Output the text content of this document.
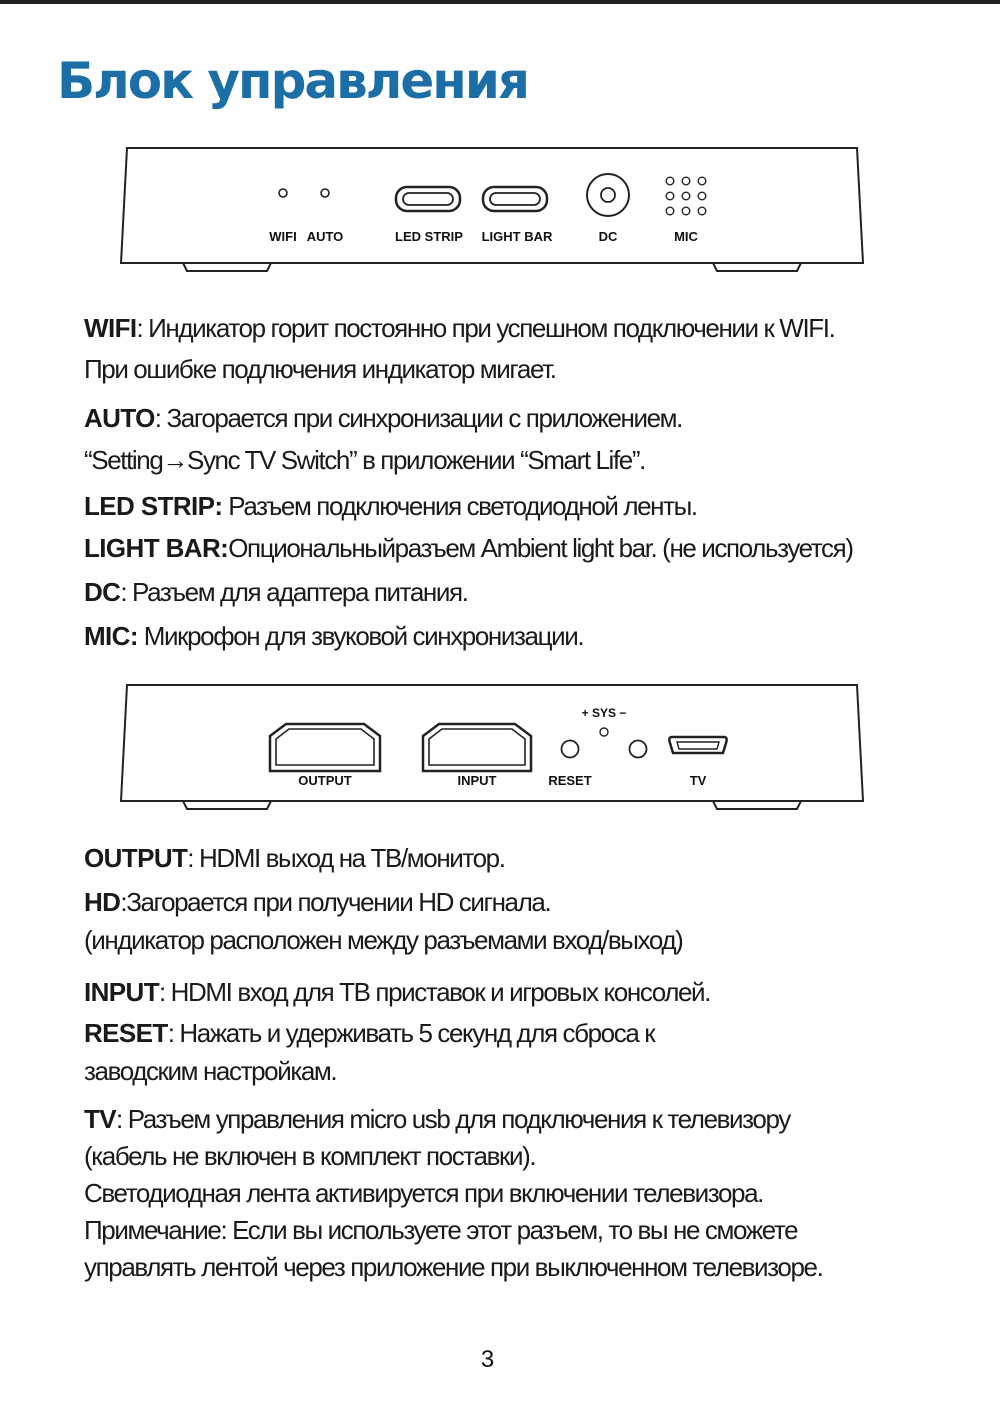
Блок управления
WIFI AUTO	LED STRIP LIGHT BAR	DC	MIC

WIFI: Индикатор горит постоянно при успешном подключении к WIFI.

При ошибке подлючения индикатор мигает.

AUTO: Загорается при синхронизации с приложением.

“Setting→Sync TV Switch” в приложении “Smart Life”.

LED STRIP: Разъем подключения светодиодной ленты.

LIGHT BAR:Опциональныйразъем Ambient light bar. (не используется)

DC: Разъем для адаптера питания.

MIC: Микрофон для звуковой синхронизации.

+ SYS −
OUTPUT	INPUT	RESET	TV

OUTPUT: HDMI выход на ТВ/монитор.

HD:Загорается при получении HD сигнала.

(индикатор расположен между разъемами вход/выход)

INPUT: HDMI вход для ТВ приставок и игровых консолей.

RESET: Нажать и удерживать 5 секунд для сброса к

заводским настройкам.

TV: Разъем управления micro usb для подключения к телевизору

(кабель не включен в комплект поставки).

Светодиодная лента активируется при включении телевизора.

Примечание: Если вы используете этот разъем, то вы не сможете

управлять лентой через приложение при выключенном телевизоре.

3
